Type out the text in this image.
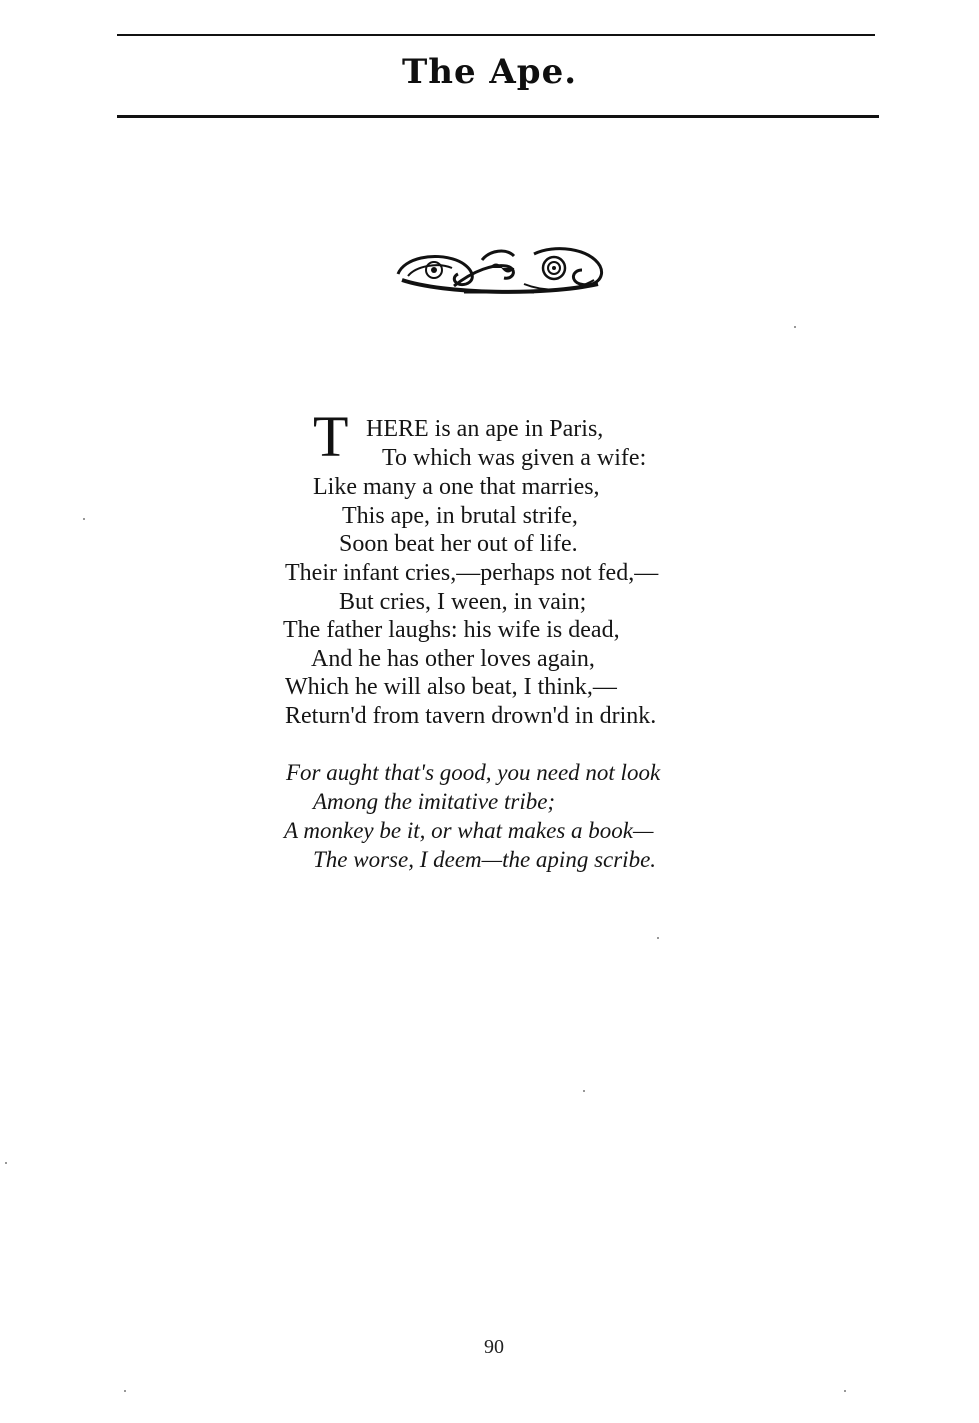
The Ape.
T HERE is an ape in Paris,
To which was given a wife:
Like many a one that marries,
This ape, in brutal strife,
Soon beat her out of life.
Their infant cries,—perhaps not fed,—
But cries, I ween, in vain;
The father laughs: his wife is dead,
And he has other loves again,
Which he will also beat, I think,—
Return'd from tavern drown'd in drink.
For aught that's good, you need not look
Among the imitative tribe;
A monkey be it, or what makes a book—
The worse, I deem—the aping scribe.
90
